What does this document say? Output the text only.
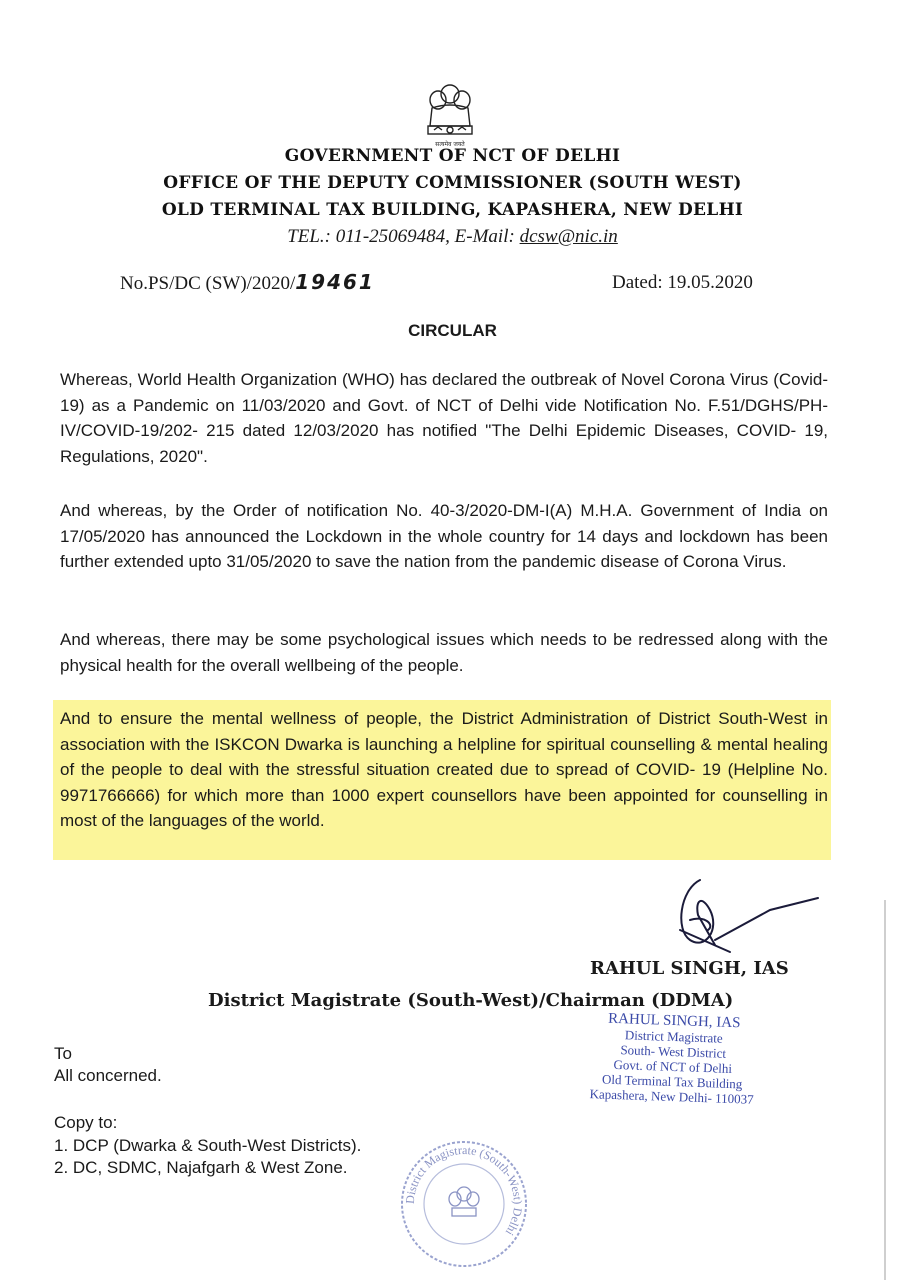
सत्यमेव जयते
GOVERNMENT OF NCT OF DELHI
OFFICE OF THE DEPUTY COMMISSIONER (SOUTH WEST)
OLD TERMINAL TAX BUILDING, KAPASHERA, NEW DELHI
TEL.: 011-25069484, E-Mail: dcsw@nic.in
No.PS/DC (SW)/2020/19461	Dated: 19.05.2020
CIRCULAR
Whereas, World Health Organization (WHO) has declared the outbreak of Novel Corona Virus (Covid-19) as a Pandemic on 11/03/2020 and Govt. of NCT of Delhi vide Notification No. F.51/DGHS/PH-IV/COVID-19/202- 215 dated 12/03/2020 has notified "The Delhi Epidemic Diseases, COVID- 19, Regulations, 2020".
And whereas, by the Order of notification No. 40-3/2020-DM-I(A) M.H.A. Government of India on 17/05/2020 has announced the Lockdown in the whole country for 14 days and lockdown has been further extended upto 31/05/2020 to save the nation from the pandemic disease of Corona Virus.
And whereas, there may be some psychological issues which needs to be redressed along with the physical health for the overall wellbeing of the people.
And to ensure the mental wellness of people, the District Administration of District South-West in association with the ISKCON Dwarka is launching a helpline for spiritual counselling & mental healing of the people to deal with the stressful situation created due to spread of COVID- 19 (Helpline No. 9971766666) for which more than 1000 expert counsellors have been appointed for counselling in most of the languages of the world.
RAHUL SINGH, IAS
District Magistrate (South-West)/Chairman (DDMA)
RAHUL SINGH, IAS
District Magistrate
South- West District
Govt. of NCT of Delhi
Old Terminal Tax Building
Kapashera, New Delhi- 110037
To
All concerned.
Copy to:
1. DCP (Dwarka & South-West Districts).
2. DC, SDMC, Najafgarh & West Zone.
District Magistrate (South-West) Delhi
